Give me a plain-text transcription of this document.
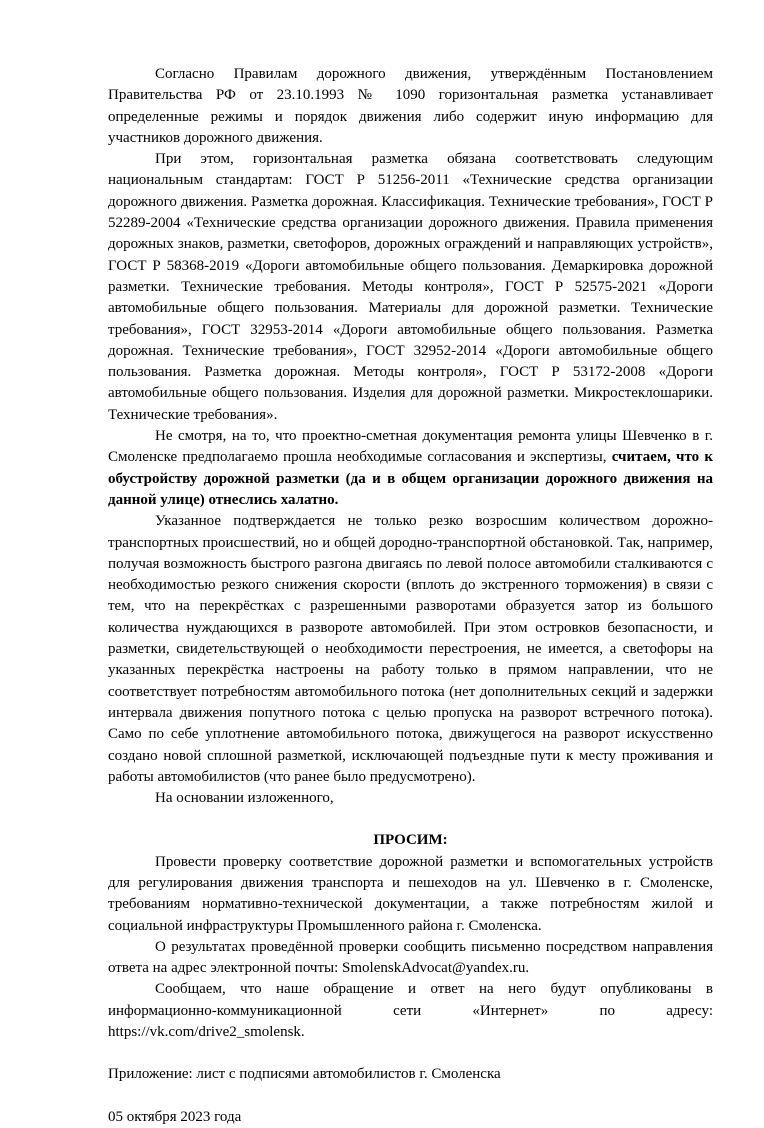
Согласно Правилам дорожного движения, утверждённым Постановлением Правительства РФ от 23.10.1993 № 1090 горизонтальная разметка устанавливает определенные режимы и порядок движения либо содержит иную информацию для участников дорожного движения.

При этом, горизонтальная разметка обязана соответствовать следующим национальным стандартам: ГОСТ Р 51256-2011 «Технические средства организации дорожного движения. Разметка дорожная. Классификация. Технические требования», ГОСТ Р 52289-2004 «Технические средства организации дорожного движения. Правила применения дорожных знаков, разметки, светофоров, дорожных ограждений и направляющих устройств», ГОСТ Р 58368-2019 «Дороги автомобильные общего пользования. Демаркировка дорожной разметки. Технические требования. Методы контроля», ГОСТ Р 52575-2021 «Дороги автомобильные общего пользования. Материалы для дорожной разметки. Технические требования», ГОСТ 32953-2014 «Дороги автомобильные общего пользования. Разметка дорожная. Технические требования», ГОСТ 32952-2014 «Дороги автомобильные общего пользования. Разметка дорожная. Методы контроля», ГОСТ Р 53172-2008 «Дороги автомобильные общего пользования. Изделия для дорожной разметки. Микростеклошарики. Технические требования».

Не смотря, на то, что проектно-сметная документация ремонта улицы Шевченко в г. Смоленске предполагаемо прошла необходимые согласования и экспертизы, считаем, что к обустройству дорожной разметки (да и в общем организации дорожного движения на данной улице) отнеслись халатно.

Указанное подтверждается не только резко возросшим количеством дорожно-транспортных происшествий, но и общей дородно-транспортной обстановкой. Так, например, получая возможность быстрого разгона двигаясь по левой полосе автомобили сталкиваются с необходимостью резкого снижения скорости (вплоть до экстренного торможения) в связи с тем, что на перекрёстках с разрешенными разворотами образуется затор из большого количества нуждающихся в развороте автомобилей. При этом островков безопасности, и разметки, свидетельствующей о необходимости перестроения, не имеется, а светофоры на указанных перекрёстка настроены на работу только в прямом направлении, что не соответствует потребностям автомобильного потока (нет дополнительных секций и задержки интервала движения попутного потока с целью пропуска на разворот встречного потока). Само по себе уплотнение автомобильного потока, движущегося на разворот искусственно создано новой сплошной разметкой, исключающей подъездные пути к месту проживания и работы автомобилистов (что ранее было предусмотрено).

На основании изложенного,

ПРОСИМ:

Провести проверку соответствие дорожной разметки и вспомогательных устройств для регулирования движения транспорта и пешеходов на ул. Шевченко в г. Смоленске, требованиям нормативно-технической документации, а также потребностям жилой и социальной инфраструктуры Промышленного района г. Смоленска.

О результатах проведённой проверки сообщить письменно посредством направления ответа на адрес электронной почты: SmolenskAdvocat@yandex.ru.

Сообщаем, что наше обращение и ответ на него будут опубликованы в информационно-коммуникационной сети «Интернет» по адресу: https://vk.com/drive2_smolensk.

Приложение: лист с подписями автомобилистов г. Смоленска

05 октября 2023 года
